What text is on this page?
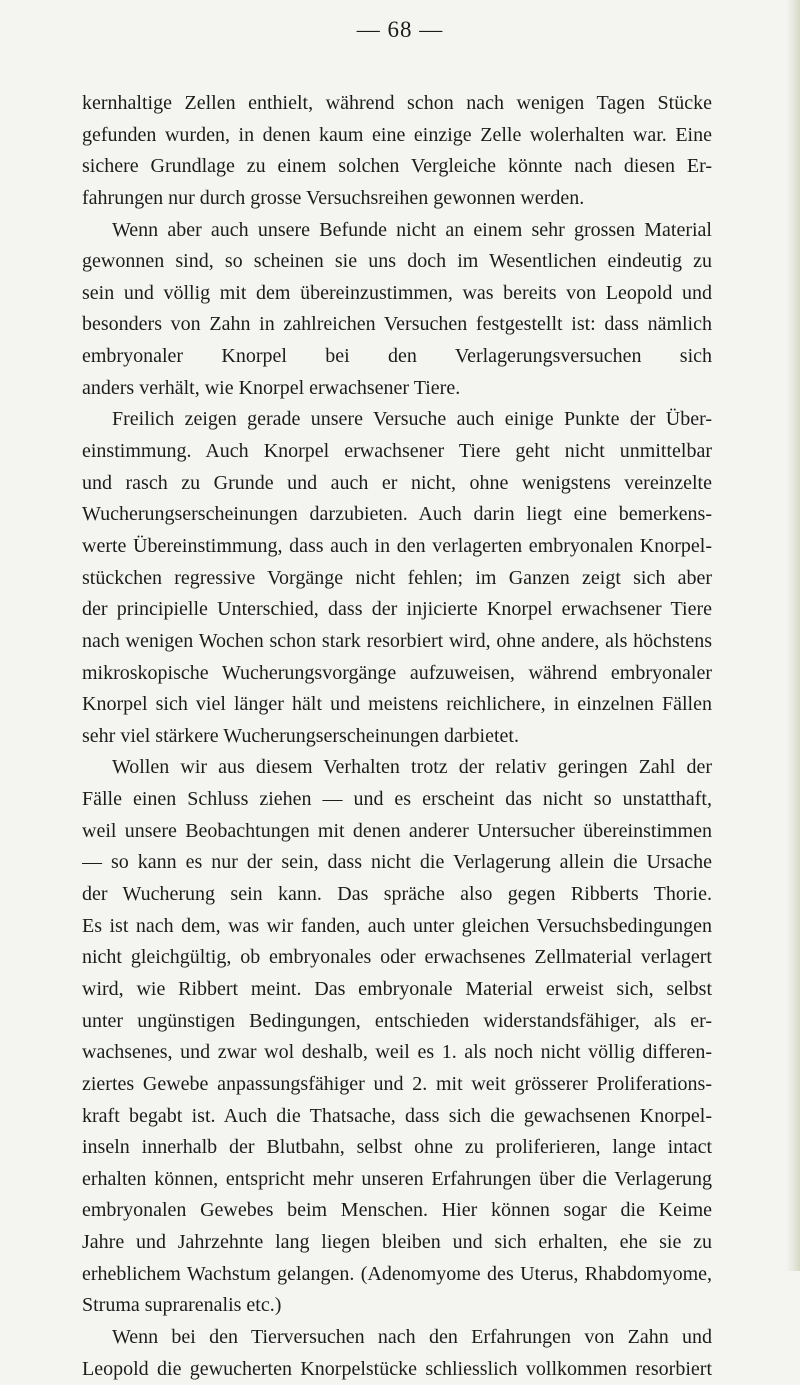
— 68 —
kernhaltige Zellen enthielt, während schon nach wenigen Tagen Stücke
gefunden wurden, in denen kaum eine einzige Zelle wolerhalten war. Eine
sichere Grundlage zu einem solchen Vergleiche könnte nach diesen Er-
fahrungen nur durch grosse Versuchsreihen gewonnen werden.
Wenn aber auch unsere Befunde nicht an einem sehr grossen Material
gewonnen sind, so scheinen sie uns doch im Wesentlichen eindeutig zu
sein und völlig mit dem übereinzustimmen, was bereits von Leopold und
besonders von Zahn in zahlreichen Versuchen festgestellt ist: dass nämlich
embryonaler Knorpel bei den Verlagerungsversuchen sich
anders verhält, wie Knorpel erwachsener Tiere.
Freilich zeigen gerade unsere Versuche auch einige Punkte der Über-
einstimmung. Auch Knorpel erwachsener Tiere geht nicht unmittelbar
und rasch zu Grunde und auch er nicht, ohne wenigstens vereinzelte
Wucherungserscheinungen darzubieten. Auch darin liegt eine bemerkens-
werte Übereinstimmung, dass auch in den verlagerten embryonalen Knorpel-
stückchen regressive Vorgänge nicht fehlen; im Ganzen zeigt sich aber
der principielle Unterschied, dass der injicierte Knorpel erwachsener Tiere
nach wenigen Wochen schon stark resorbiert wird, ohne andere, als höchstens
mikroskopische Wucherungsvorgänge aufzuweisen, während embryonaler
Knorpel sich viel länger hält und meistens reichlichere, in einzelnen Fällen
sehr viel stärkere Wucherungserscheinungen darbietet.
Wollen wir aus diesem Verhalten trotz der relativ geringen Zahl der
Fälle einen Schluss ziehen — und es erscheint das nicht so unstatthaft,
weil unsere Beobachtungen mit denen anderer Untersucher übereinstimmen
— so kann es nur der sein, dass nicht die Verlagerung allein die Ursache
der Wucherung sein kann. Das spräche also gegen Ribberts Thorie.
Es ist nach dem, was wir fanden, auch unter gleichen Versuchsbedingungen
nicht gleichgültig, ob embryonales oder erwachsenes Zellmaterial verlagert
wird, wie Ribbert meint. Das embryonale Material erweist sich, selbst
unter ungünstigen Bedingungen, entschieden widerstandsfähiger, als er-
wachsenes, und zwar wol deshalb, weil es 1. als noch nicht völlig differen-
ziertes Gewebe anpassungsfähiger und 2. mit weit grösserer Proliferations-
kraft begabt ist. Auch die Thatsache, dass sich die gewachsenen Knorpel-
inseln innerhalb der Blutbahn, selbst ohne zu proliferieren, lange intact
erhalten können, entspricht mehr unseren Erfahrungen über die Verlagerung
embryonalen Gewebes beim Menschen. Hier können sogar die Keime
Jahre und Jahrzehnte lang liegen bleiben und sich erhalten, ehe sie zu
erheblichem Wachstum gelangen. (Adenomyome des Uterus, Rhabdomyome,
Struma suprarenalis etc.)
Wenn bei den Tierversuchen nach den Erfahrungen von Zahn und
Leopold die gewucherten Knorpelstücke schliesslich vollkommen resorbiert
